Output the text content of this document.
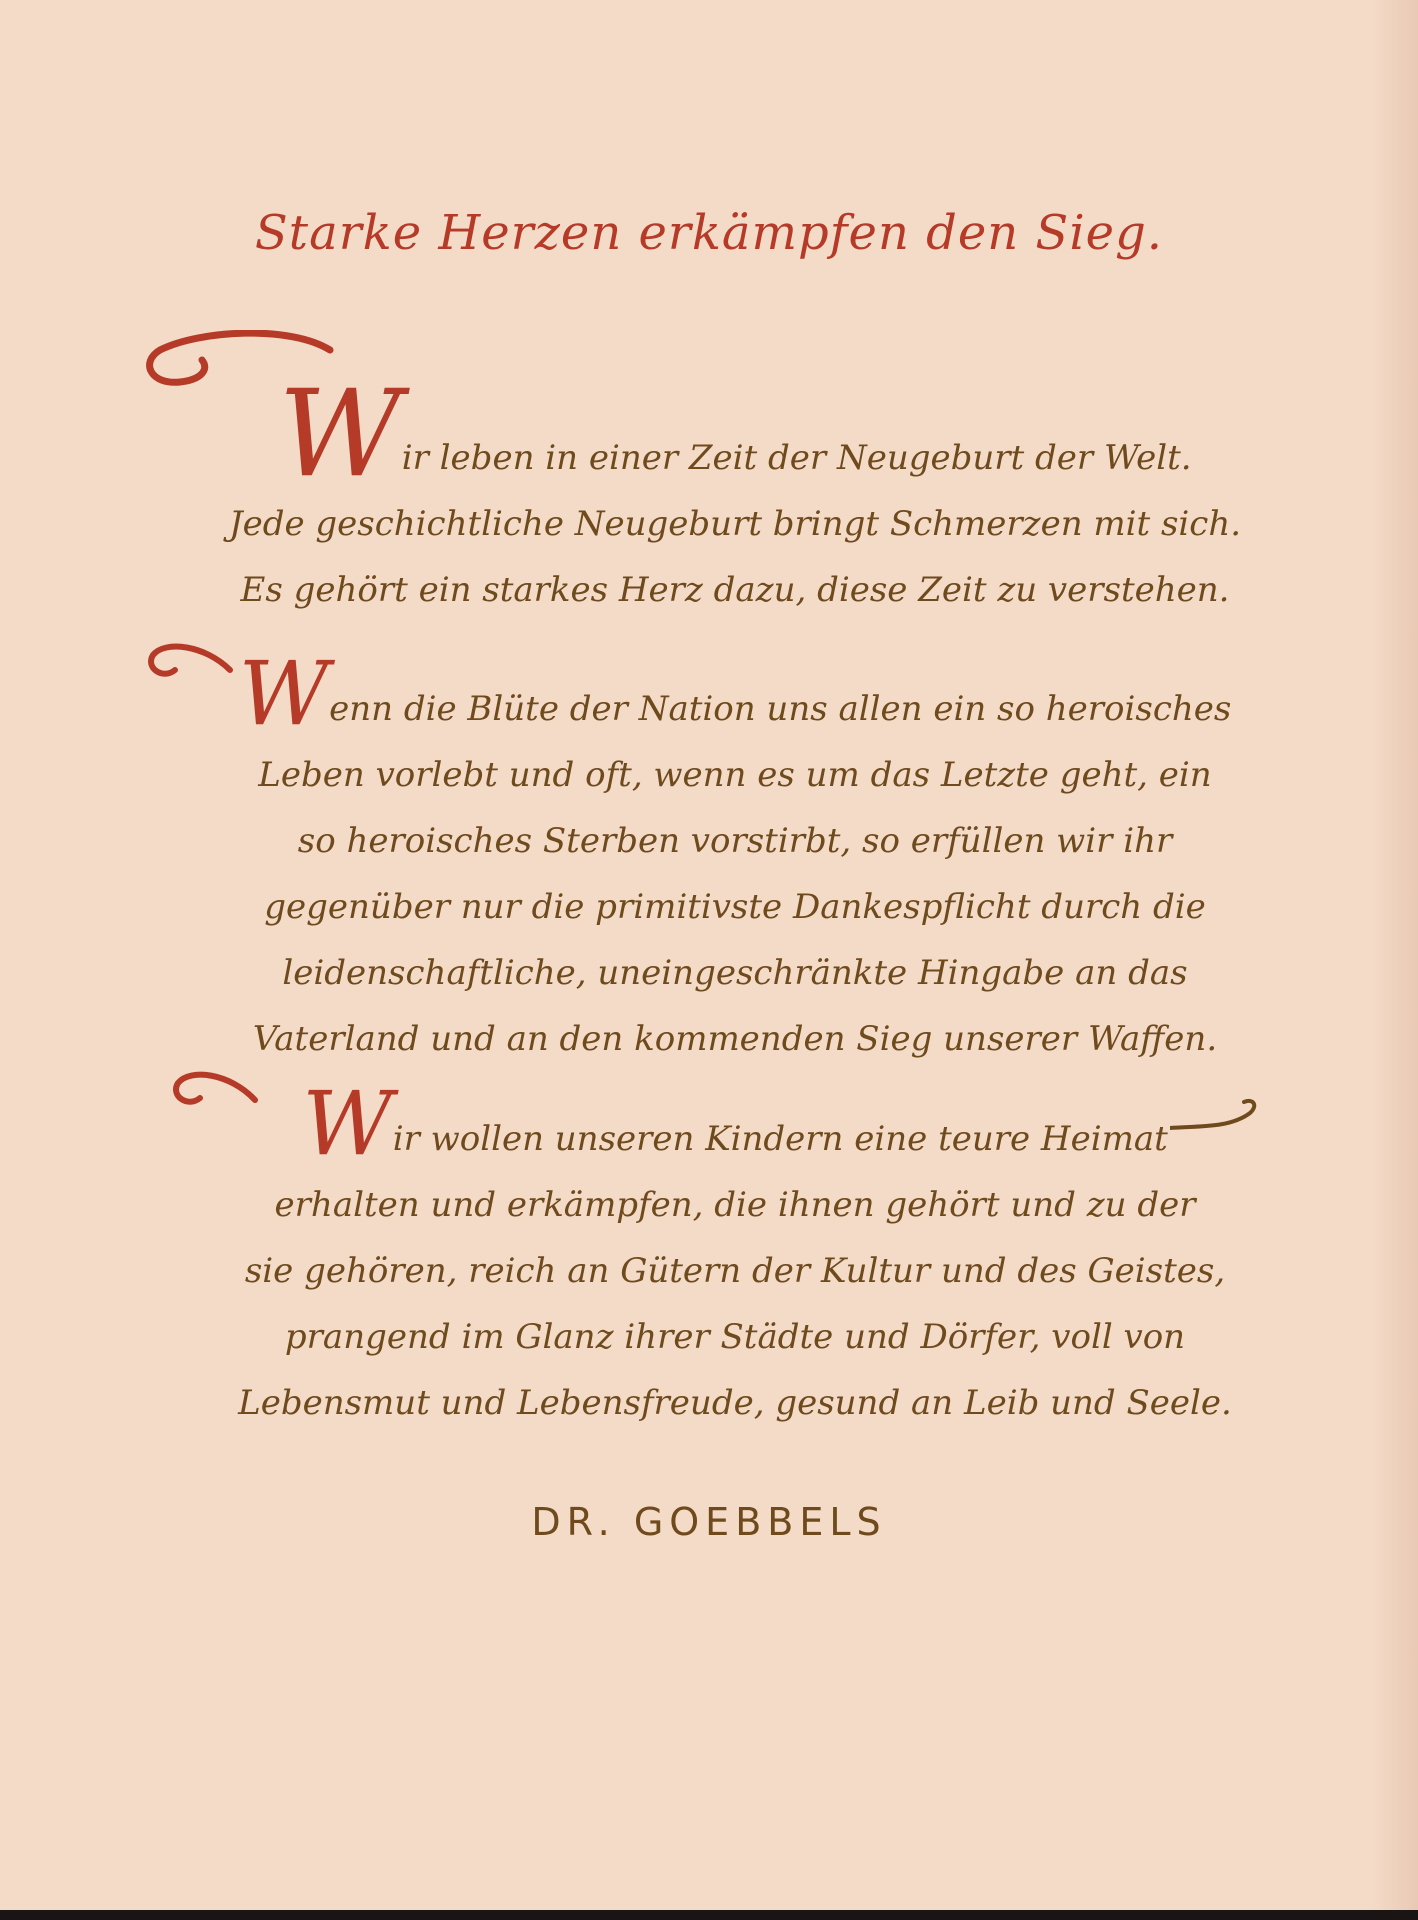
Starke Herzen erkämpfen den Sieg.
Wir leben in einer Zeit der Neugeburt der Welt.
Jede geschichtliche Neugeburt bringt Schmerzen mit sich.
Es gehört ein starkes Herz dazu, diese Zeit zu verstehen.
Wenn die Blüte der Nation uns allen ein so heroisches
Leben vorlebt und oft, wenn es um das Letzte geht, ein
so heroisches Sterben vorstirbt, so erfüllen wir ihr
gegenüber nur die primitivste Dankespflicht durch die
leidenschaftliche, uneingeschränkte Hingabe an das
Vaterland und an den kommenden Sieg unserer Waffen.
Wir wollen unseren Kindern eine teure Heimat
erhalten und erkämpfen, die ihnen gehört und zu der
sie gehören, reich an Gütern der Kultur und des Geistes,
prangend im Glanz ihrer Städte und Dörfer, voll von
Lebensmut und Lebensfreude, gesund an Leib und Seele.
DR. GOEBBELS
